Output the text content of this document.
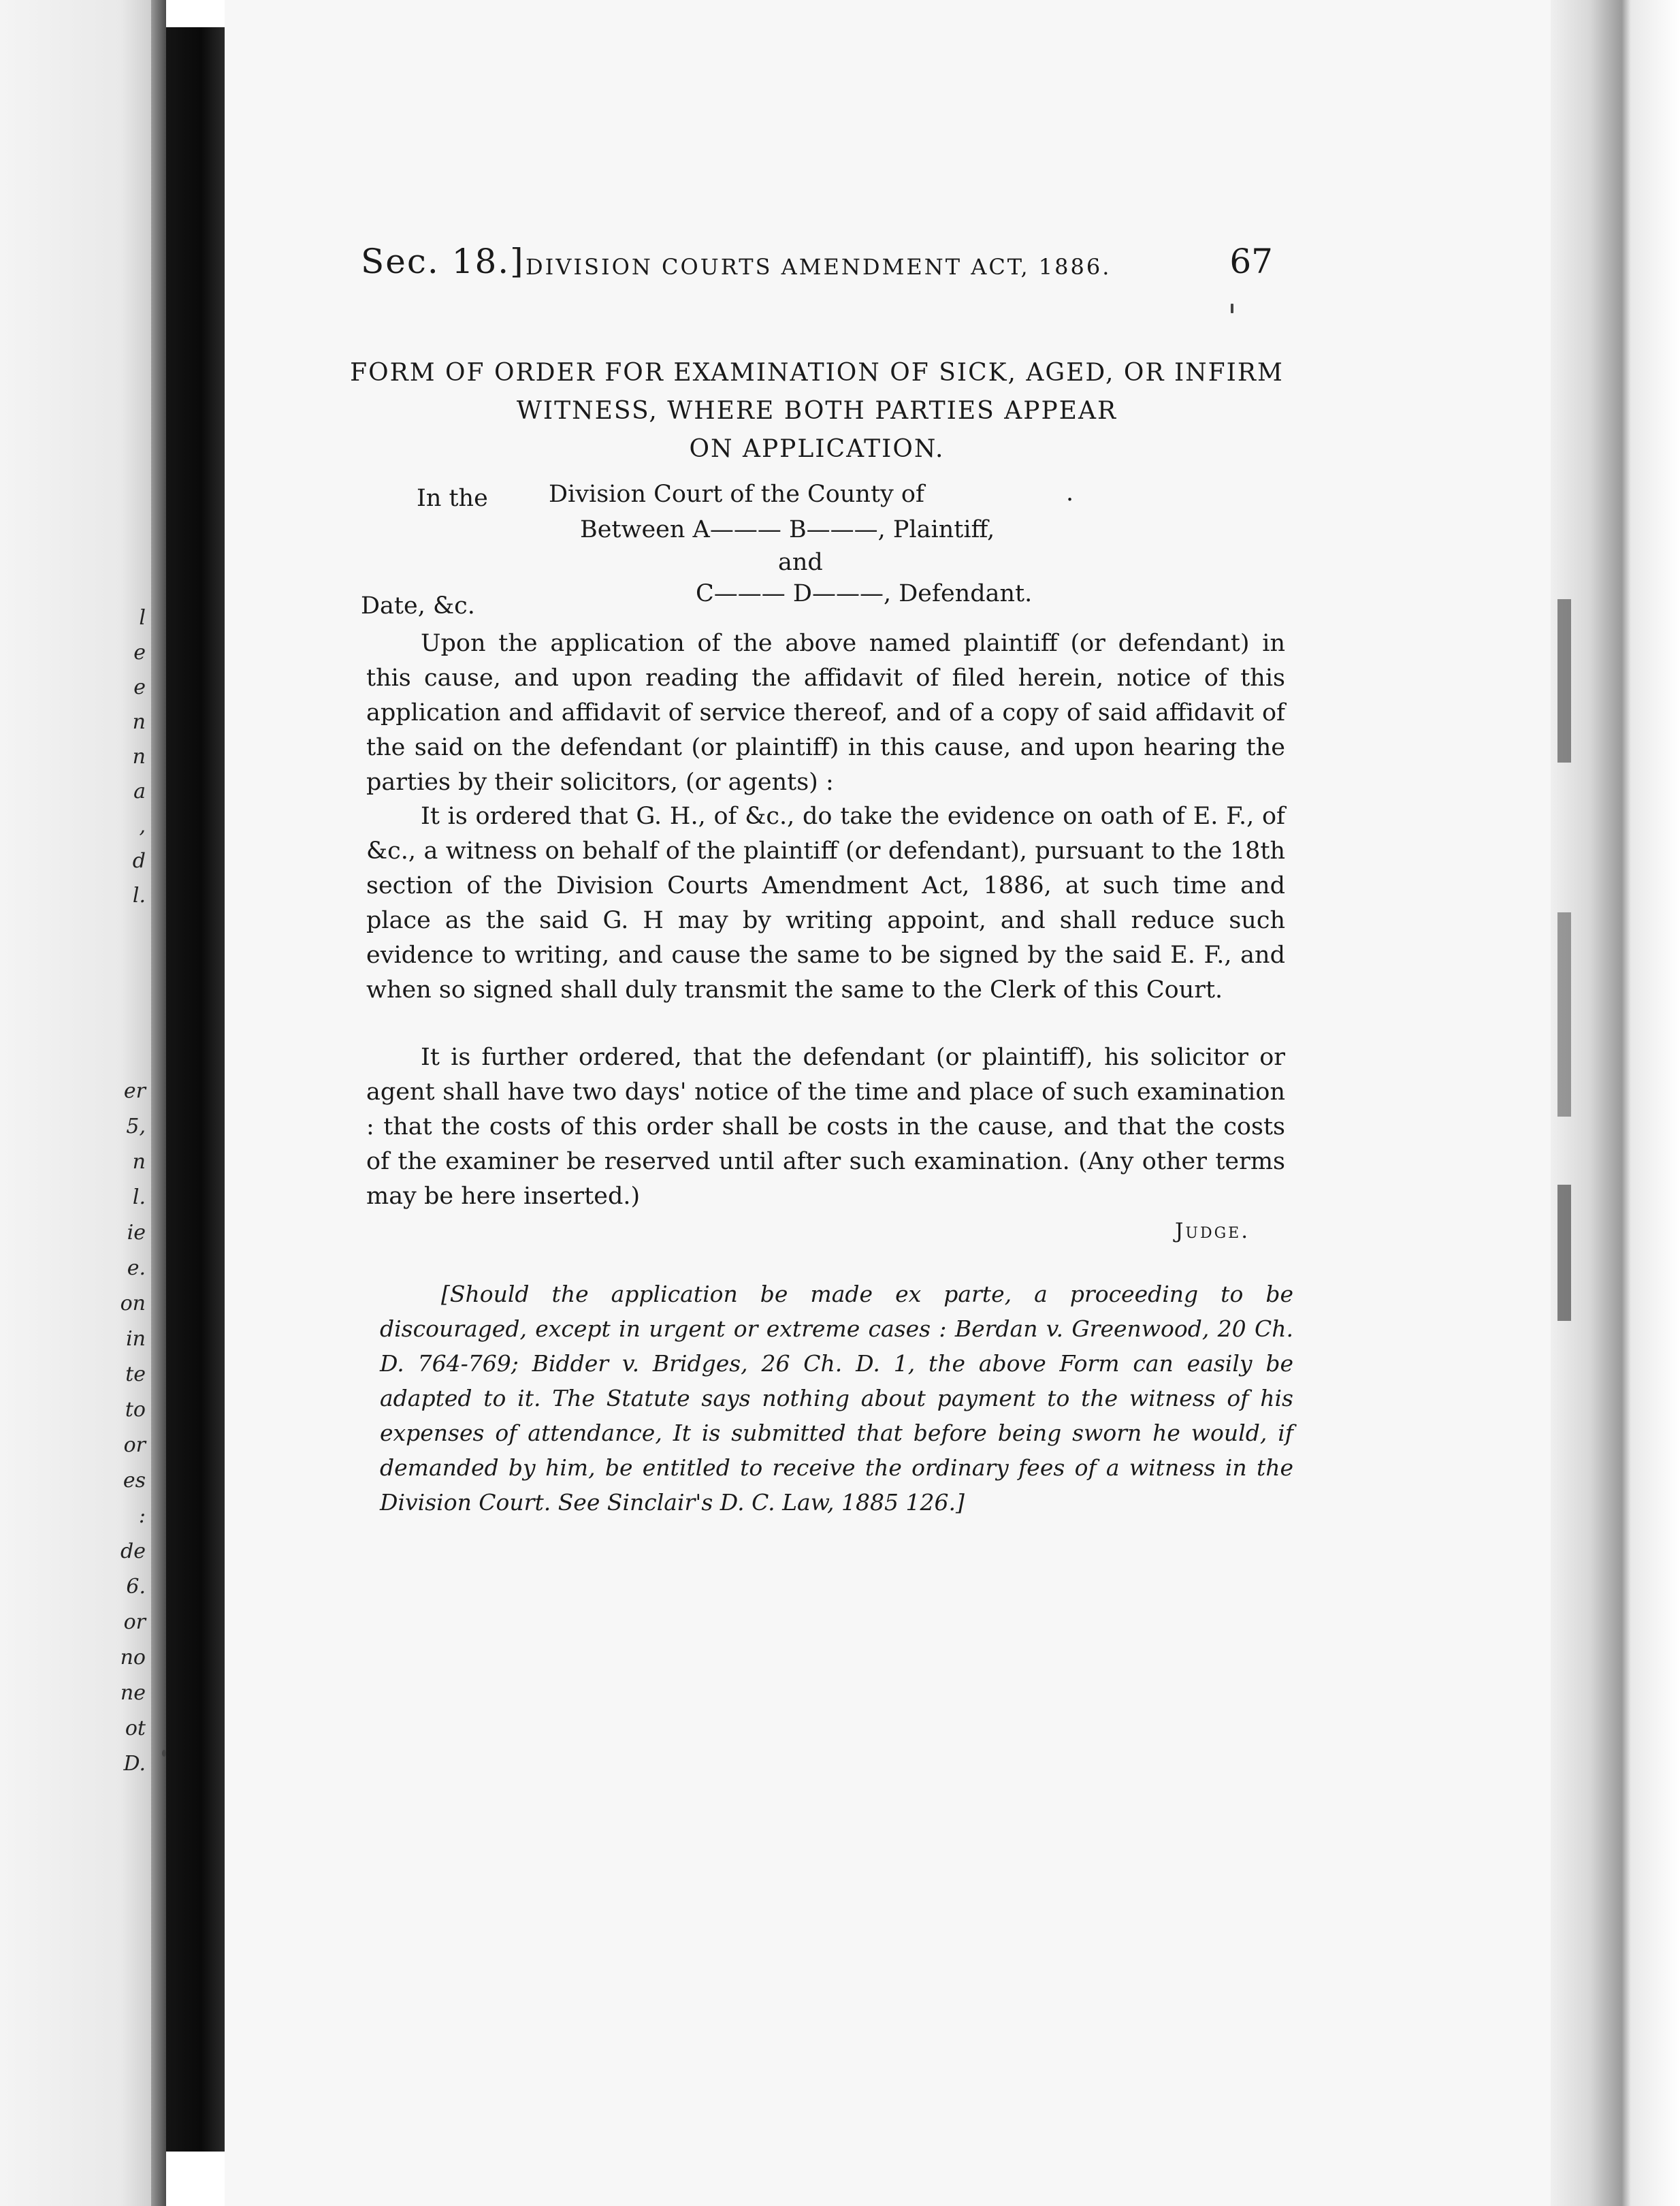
l
e
e
n
n
a
,
d
l.
er
5,
n
l.
ie
e.
on
in
te
to
or
es
:
de
6.
or
no
ne
ot
D.
Sec. 18.] DIVISION COURTS AMENDMENT ACT, 1886.	67
FORM OF ORDER FOR EXAMINATION OF SICK, AGED, OR INFIRM
WITNESS, WHERE BOTH PARTIES APPEAR
ON APPLICATION.
In the	Division Court of the County of	.
Between A——— B———, Plaintiff,
and
Date, &c.	C——— D———, Defendant.

Upon the application of the above named plaintiff (or defendant) in this cause, and upon reading the affidavit of filed herein, notice of this application and affidavit of service thereof, and of a copy of said affidavit of the said on the defendant (or plaintiff) in this cause, and upon hearing the parties by their solicitors, (or agents) :

It is ordered that G. H., of &c., do take the evidence on oath of E. F., of &c., a witness on behalf of the plaintiff (or defendant), pursuant to the 18th section of the Division Courts Amendment Act, 1886, at such time and place as the said G. H may by writing appoint, and shall reduce such evidence to writing, and cause the same to be signed by the said E. F., and when so signed shall duly transmit the same to the Clerk of this Court.

It is further ordered, that the defendant (or plaintiff), his solicitor or agent shall have two days' notice of the time and place of such examination : that the costs of this order shall be costs in the cause, and that the costs of the examiner be reserved until after such examination. (Any other terms may be here inserted.)

Judge.

[Should the application be made ex parte, a proceeding to be discouraged, except in urgent or extreme cases : Berdan v. Greenwood, 20 Ch. D. 764-769; Bidder v. Bridges, 26 Ch. D. 1, the above Form can easily be adapted to it. The Statute says nothing about payment to the witness of his expenses of attendance, It is submitted that before being sworn he would, if demanded by him, be entitled to receive the ordinary fees of a witness in the Division Court. See Sinclair's D. C. Law, 1885 126.]
